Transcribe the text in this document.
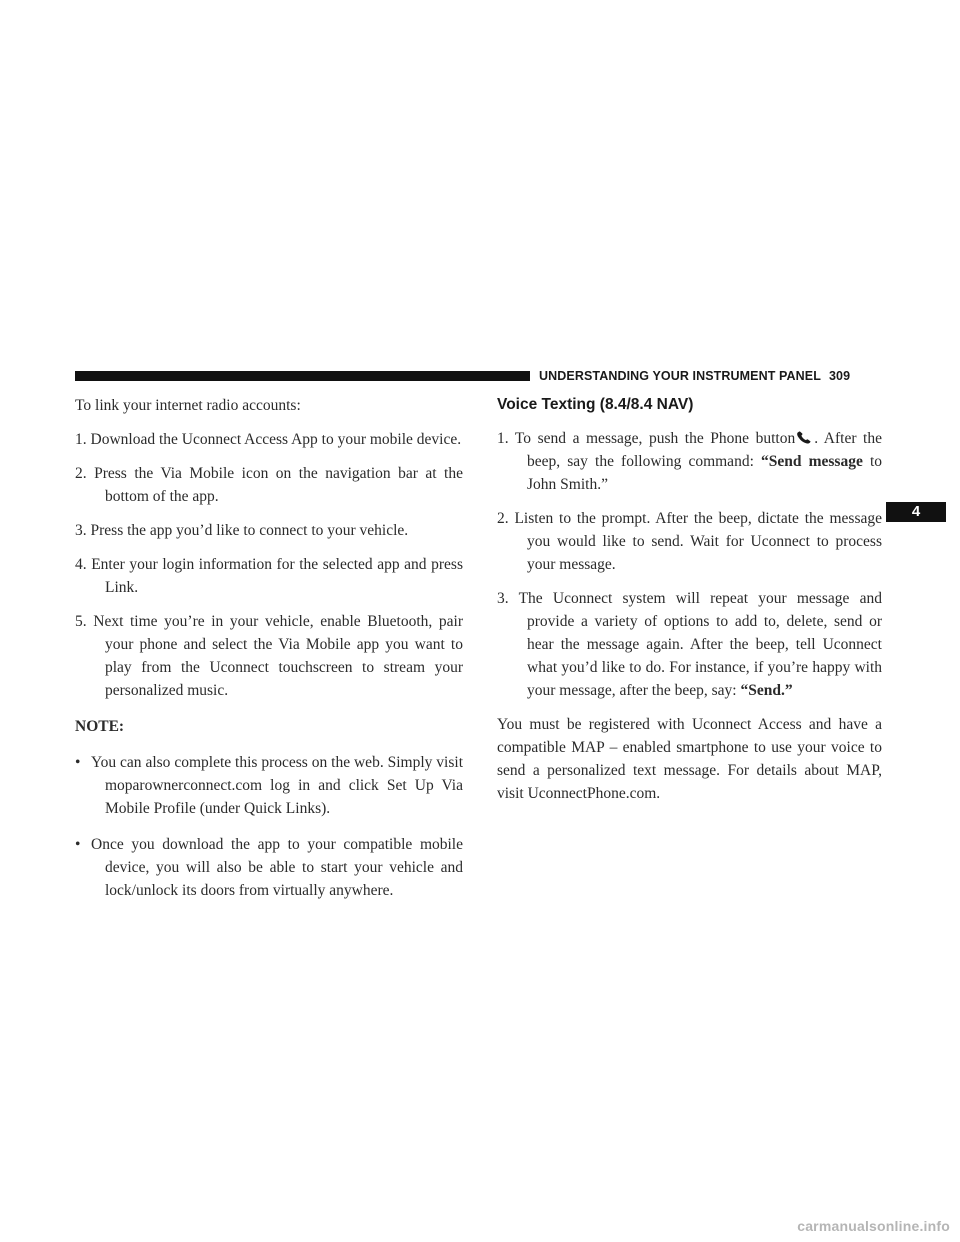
UNDERSTANDING YOUR INSTRUMENT PANEL 309
4

To link your internet radio accounts:

1. Download the Uconnect Access App to your mobile device.

2. Press the Via Mobile icon on the navigation bar at the bottom of the app.

3. Press the app you’d like to connect to your vehicle.

4. Enter your login information for the selected app and press Link.

5. Next time you’re in your vehicle, enable Bluetooth, pair your phone and select the Via Mobile app you want to play from the Uconnect touchscreen to stream your personalized music.

NOTE:

• You can also complete this process on the web. Simply visit moparownerconnect.com log in and click Set Up Via Mobile Profile (under Quick Links).

• Once you download the app to your compatible mobile device, you will also be able to start your vehicle and lock/unlock its doors from virtually anywhere.

Voice Texting (8.4/8.4 NAV)

1. To send a message, push the Phone button . After the beep, say the following command: “Send message to John Smith.”

2. Listen to the prompt. After the beep, dictate the message you would like to send. Wait for Uconnect to process your message.

3. The Uconnect system will repeat your message and provide a variety of options to add to, delete, send or hear the message again. After the beep, tell Uconnect what you’d like to do. For instance, if you’re happy with your message, after the beep, say: “Send.”

You must be registered with Uconnect Access and have a compatible MAP – enabled smartphone to use your voice to send a personalized text message. For details about MAP, visit UconnectPhone.com.

carmanualsonline.info
